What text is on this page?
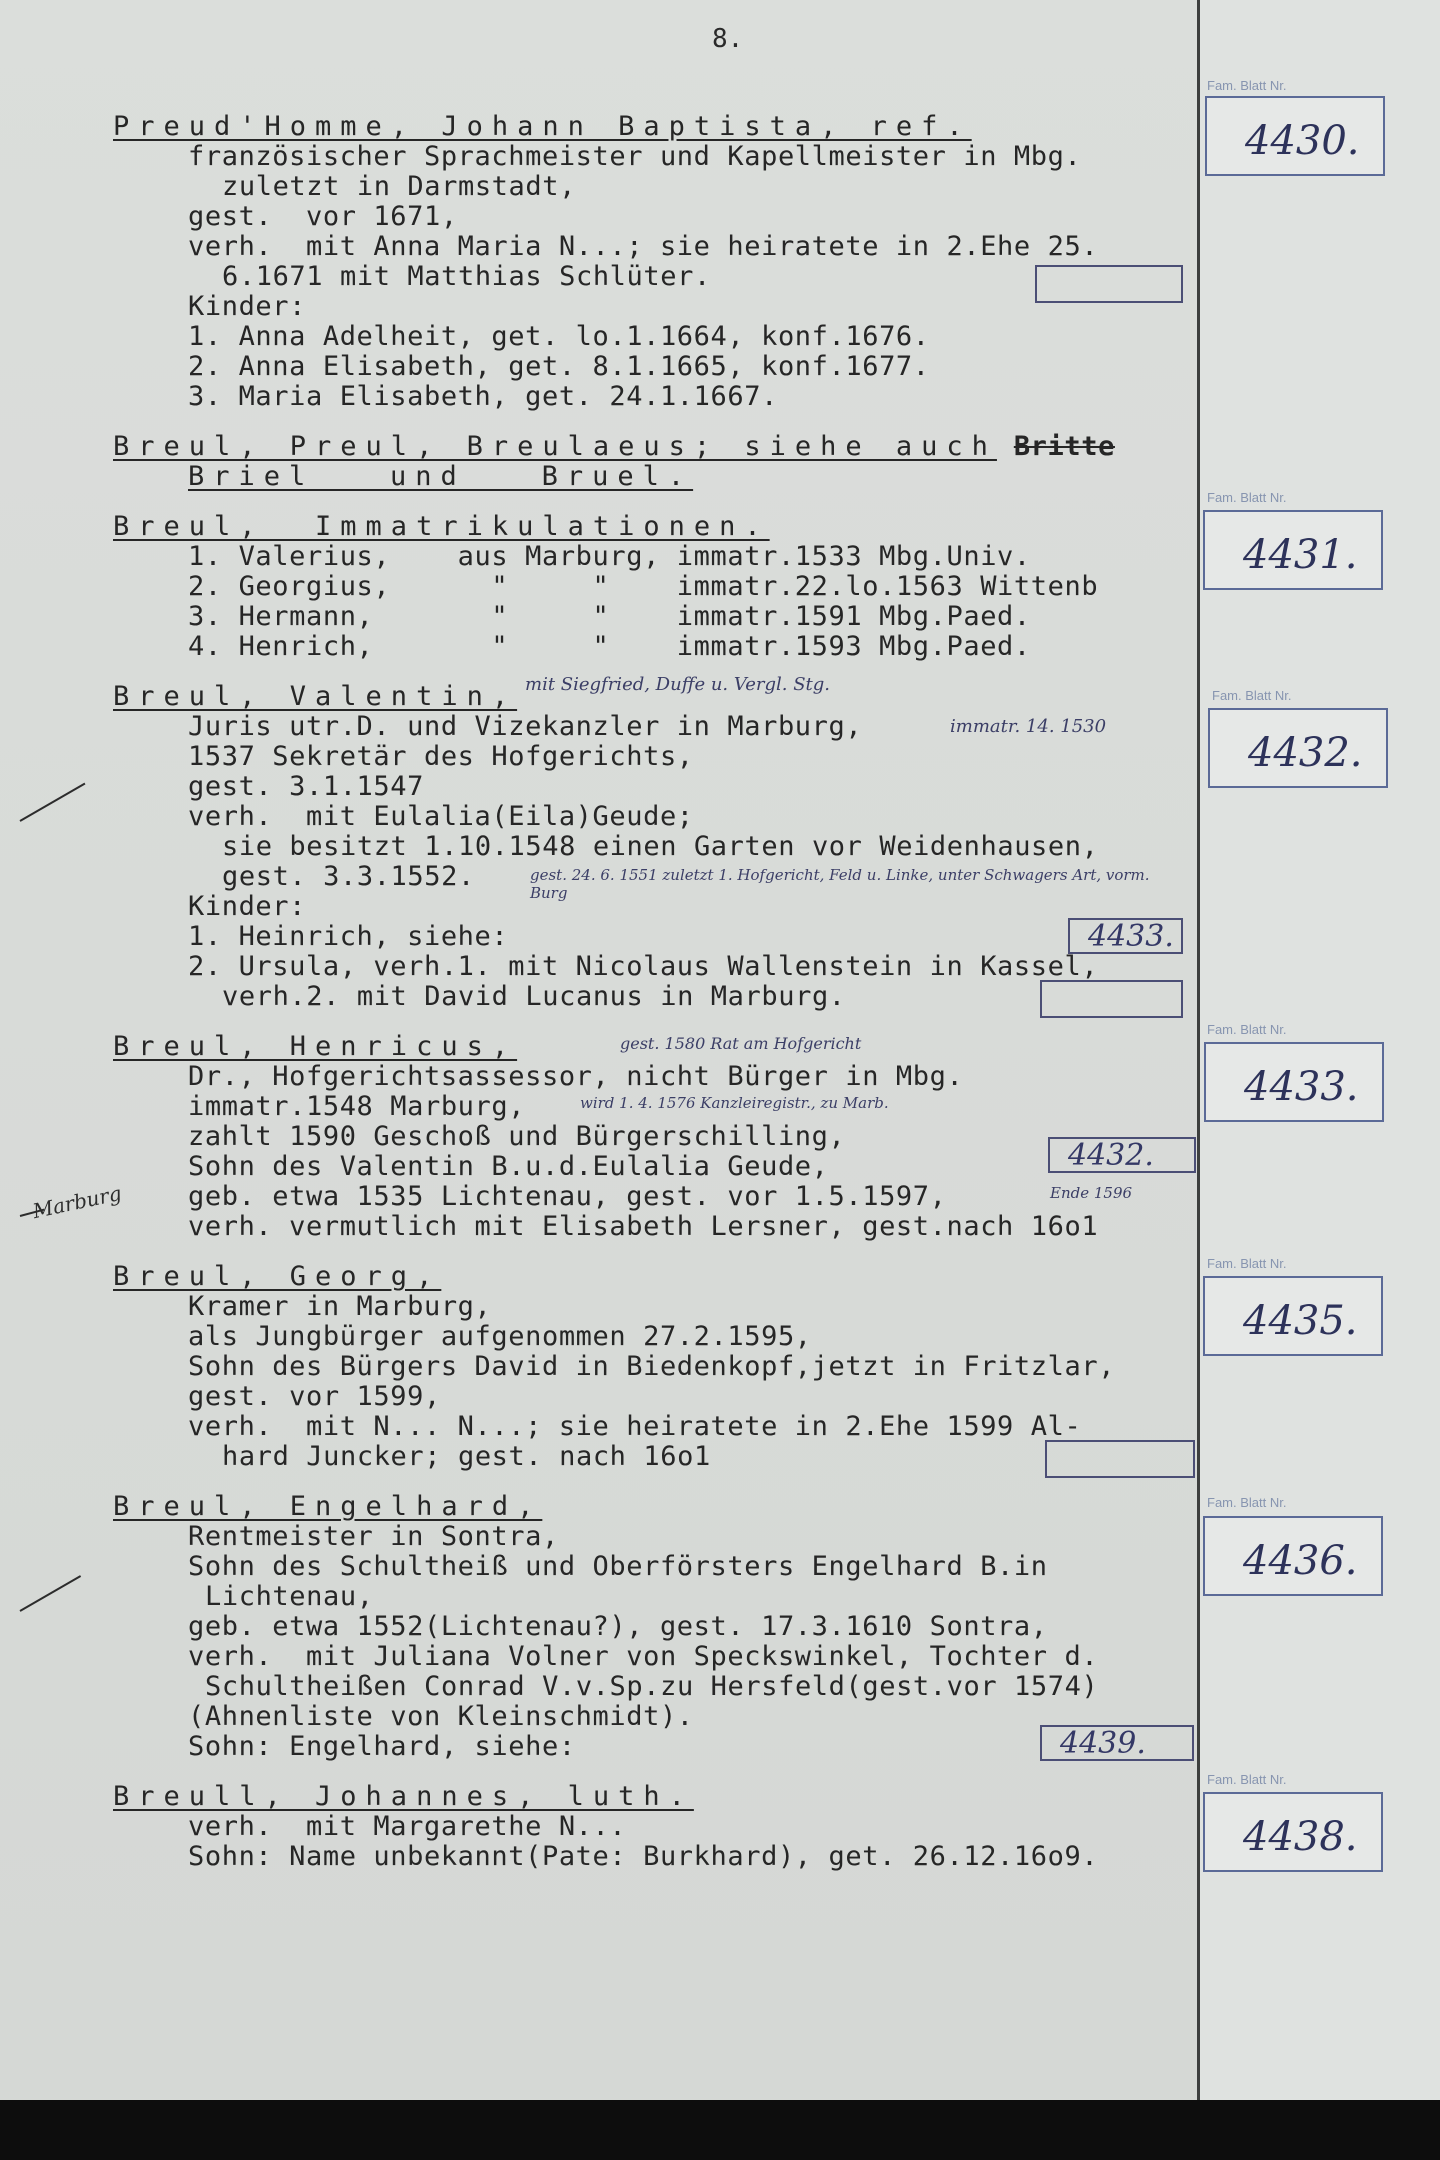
8.
Preud'Homme, Johann Baptista, ref.
französischer Sprachmeister und Kapellmeister in Mbg.
zuletzt in Darmstadt,
gest.  vor 1671,
verh.  mit Anna Maria N...; sie heiratete in 2.Ehe 25.
6.1671 mit Matthias Schlüter.
Kinder:
1. Anna Adelheit, get. lo.1.1664, konf.1676.
2. Anna Elisabeth, get. 8.1.1665, konf.1677.
3. Maria Elisabeth, get. 24.1.1667.
Breul, Preul, Breulaeus; siehe auch Britte
Briel   und   Bruel.
Breul,  Immatrikulationen.
1. Valerius,    aus Marburg, immatr.1533 Mbg.Univ.
2. Georgius,      "     "    immatr.22.lo.1563 Wittenb
3. Hermann,       "     "    immatr.1591 Mbg.Paed.
4. Henrich,       "     "    immatr.1593 Mbg.Paed.
Breul, Valentin, mit Siegfried, Duffe u. Vergl. Stg.
Juris utr.D. und Vizekanzler in Marburg,	immatr. 14. 1530
1537 Sekretär des Hofgerichts,
gest. 3.1.1547
verh.  mit Eulalia(Eila)Geude;
sie besitzt 1.10.1548 einen Garten vor Weidenhausen,
gest. 3.3.1552.	gest. 24. 6. 1551 zuletzt 1. Hofgericht, Feld u. Linke, unter Schwagers Art, vorm. Burg
Kinder:
1. Heinrich, siehe:	4433.
2. Ursula, verh.1. mit Nicolaus Wallenstein in Kassel,
verh.2. mit David Lucanus in Marburg.
Breul, Henricus,	gest. 1580 Rat am Hofgericht
Dr., Hofgerichtsassessor, nicht Bürger in Mbg.
immatr.1548 Marburg,	wird 1. 4. 1576 Kanzleiregistr., zu Marb.
zahlt 1590 Geschoß und Bürgerschilling,
Sohn des Valentin B.u.d.Eulalia Geude,	4432.
geb. etwa 1535 Lichtenau, gest. vor 1.5.1597,	Ende 1596
verh. vermutlich mit Elisabeth Lersner, gest.nach 16o1
Breul, Georg,
Kramer in Marburg,
als Jungbürger aufgenommen 27.2.1595,
Sohn des Bürgers David in Biedenkopf,jetzt in Fritzlar,
gest. vor 1599,
verh.  mit N... N...; sie heiratete in 2.Ehe 1599 Al-
hard Juncker; gest. nach 16o1
Breul, Engelhard,
Rentmeister in Sontra,
Sohn des Schultheiß und Oberförsters Engelhard B.in
Lichtenau,
geb. etwa 1552(Lichtenau?), gest. 17.3.1610 Sontra,
verh.  mit Juliana Volner von Speckswinkel, Tochter d.
Schultheißen Conrad V.v.Sp.zu Hersfeld(gest.vor 1574)
(Ahnenliste von Kleinschmidt).
Sohn: Engelhard, siehe:	4439.
Breull, Johannes, luth.
verh.  mit Margarethe N...
Sohn: Name unbekannt(Pate: Burkhard), get. 26.12.16o9.
Marburg
Fam. Blatt Nr.
4430.
Fam. Blatt Nr.
4431.
Fam. Blatt Nr.
4432.
Fam. Blatt Nr.
4433.
Fam. Blatt Nr.
4435.
Fam. Blatt Nr.
4436.
Fam. Blatt Nr.
4438.
